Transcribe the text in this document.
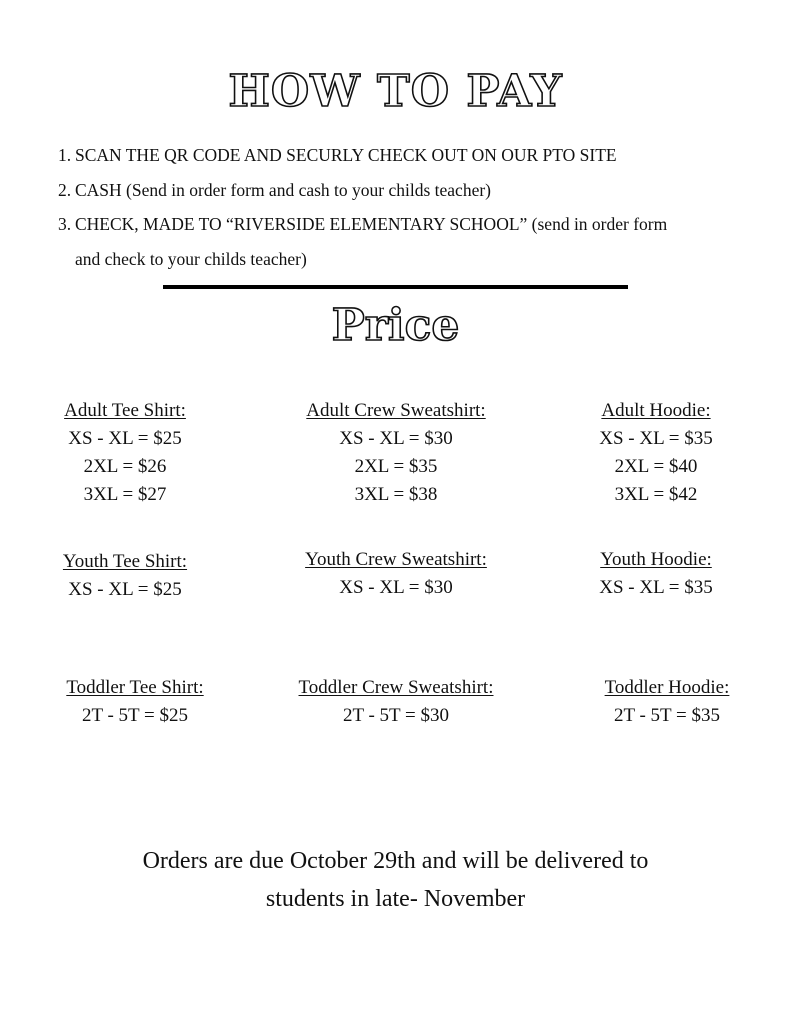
HOW TO PAY
1. SCAN THE QR CODE AND SECURLY CHECK OUT ON OUR PTO SITE
2. CASH (Send in order form and cash to your childs teacher)
3. CHECK, MADE TO “RIVERSIDE ELEMENTARY SCHOOL” (send in order form
and check to your childs teacher)
Price
Adult Tee Shirt:
XS - XL = $25
2XL = $26
3XL = $27
Adult Crew Sweatshirt:
XS - XL = $30
2XL = $35
3XL = $38
Adult Hoodie:
XS - XL = $35
2XL = $40
3XL = $42
Youth Tee Shirt:
XS - XL = $25
Youth Crew Sweatshirt:
XS - XL = $30
Youth Hoodie:
XS - XL = $35
Toddler Tee Shirt:
2T - 5T = $25
Toddler Crew Sweatshirt:
2T - 5T = $30
Toddler Hoodie:
2T - 5T = $35
Orders are due October 29th and will be delivered to
students in late- November
